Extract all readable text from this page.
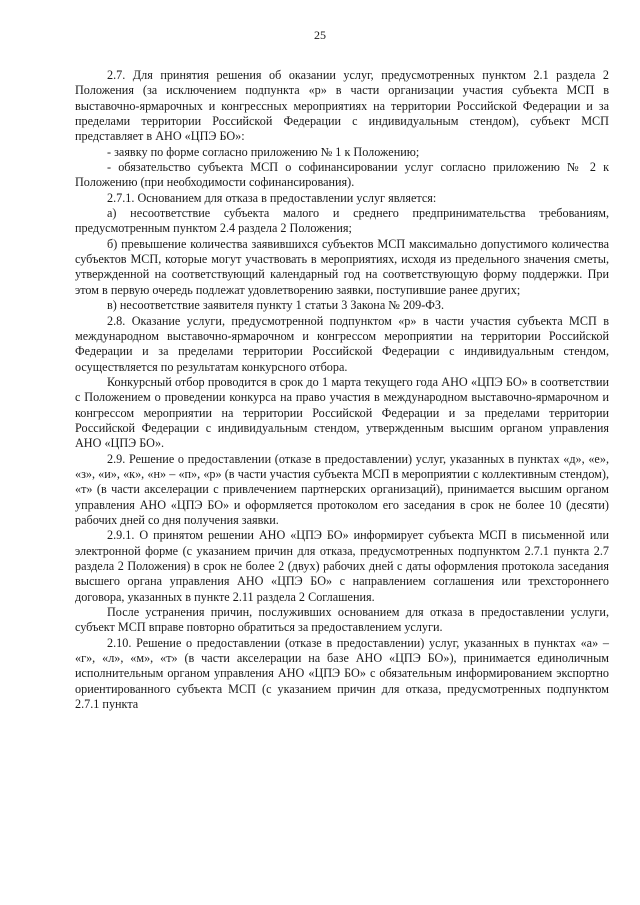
25

2.7. Для принятия решения об оказании услуг, предусмотренных пунктом 2.1 раздела 2 Положения (за исключением подпункта «р» в части организации участия субъекта МСП в выставочно-ярмарочных и конгрессных мероприятиях на территории Российской Федерации и за пределами территории Российской Федерации с индивидуальным стендом), субъект МСП представляет в АНО «ЦПЭ БО»:

- заявку по форме согласно приложению № 1 к Положению;

- обязательство субъекта МСП о софинансировании услуг согласно приложению № 2 к Положению (при необходимости софинансирования).

2.7.1. Основанием для отказа в предоставлении услуг является:

а) несоответствие субъекта малого и среднего предпринимательства требованиям, предусмотренным пунктом 2.4 раздела 2 Положения;

б) превышение количества заявившихся субъектов МСП максимально допустимого количества субъектов МСП, которые могут участвовать в мероприятиях, исходя из предельного значения сметы, утвержденной на соответствующий календарный год на соответствующую форму поддержки. При этом в первую очередь подлежат удовлетворению заявки, поступившие ранее других;

в) несоответствие заявителя пункту 1 статьи 3 Закона № 209-ФЗ.

2.8. Оказание услуги, предусмотренной подпунктом «р» в части участия субъекта МСП в международном выставочно-ярмарочном и конгрессом мероприятии на территории Российской Федерации и за пределами территории Российской Федерации с индивидуальным стендом, осуществляется по результатам конкурсного отбора.

Конкурсный отбор проводится в срок до 1 марта текущего года АНО «ЦПЭ БО» в соответствии с Положением о проведении конкурса на право участия в международном выставочно-ярмарочном и конгрессом мероприятии на территории Российской Федерации и за пределами территории Российской Федерации с индивидуальным стендом, утвержденным высшим органом управления АНО «ЦПЭ БО».

2.9. Решение о предоставлении (отказе в предоставлении) услуг, указанных в пунктах «д», «е», «з», «и», «к», «н» – «п», «р» (в части участия субъекта МСП в мероприятии с коллективным стендом), «т» (в части акселерации с привлечением партнерских организаций), принимается высшим органом управления АНО «ЦПЭ БО» и оформляется протоколом его заседания в срок не более 10 (десяти) рабочих дней со дня получения заявки.

2.9.1. О принятом решении АНО «ЦПЭ БО» информирует субъекта МСП в письменной или электронной форме (с указанием причин для отказа, предусмотренных подпунктом 2.7.1 пункта 2.7 раздела 2 Положения) в срок не более 2 (двух) рабочих дней с даты оформления протокола заседания высшего органа управления АНО «ЦПЭ БО» с направлением соглашения или трехстороннего договора, указанных в пункте 2.11 раздела 2 Соглашения.

После устранения причин, послуживших основанием для отказа в предоставлении услуги, субъект МСП вправе повторно обратиться за предоставлением услуги.

2.10. Решение о предоставлении (отказе в предоставлении) услуг, указанных в пунктах «а» – «г», «л», «м», «т» (в части акселерации на базе АНО «ЦПЭ БО»), принимается единоличным исполнительным органом управления АНО «ЦПЭ БО» с обязательным информированием экспортно ориентированного субъекта МСП (с указанием причин для отказа, предусмотренных подпунктом 2.7.1 пункта
